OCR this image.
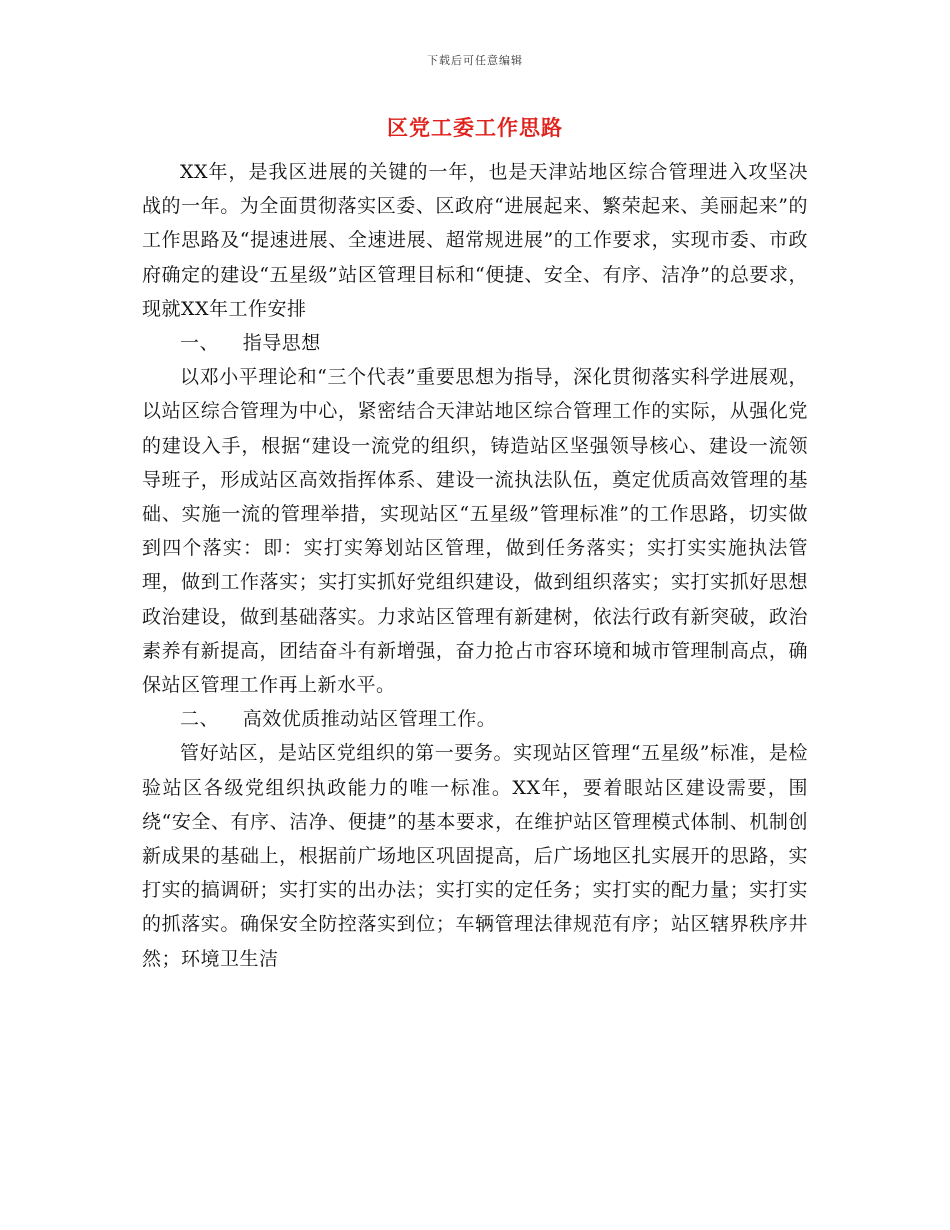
下载后可任意编辑
区党工委工作思路

XX年，是我区进展的关键的一年，也是天津站地区综合管理进入攻坚决战的一年。为全面贯彻落实区委、区政府“进展起来、繁荣起来、美丽起来”的工作思路及“提速进展、全速进展、超常规进展”的工作要求，实现市委、市政府确定的建设“五星级”站区管理目标和“便捷、安全、有序、洁净”的总要求，现就XX年工作安排

一、 指导思想

以邓小平理论和“三个代表”重要思想为指导，深化贯彻落实科学进展观，以站区综合管理为中心，紧密结合天津站地区综合管理工作的实际，从强化党的建设入手，根据“建设一流党的组织，铸造站区坚强领导核心、建设一流领导班子，形成站区高效指挥体系、建设一流执法队伍，奠定优质高效管理的基础、实施一流的管理举措，实现站区“五星级”管理标准”的工作思路，切实做到四个落实：即：实打实筹划站区管理，做到任务落实；实打实实施执法管理，做到工作落实；实打实抓好党组织建设，做到组织落实；实打实抓好思想政治建设，做到基础落实。力求站区管理有新建树，依法行政有新突破，政治素养有新提高，团结奋斗有新增强，奋力抢占市容环境和城市管理制高点，确保站区管理工作再上新水平。

二、 高效优质推动站区管理工作。

管好站区，是站区党组织的第一要务。实现站区管理“五星级”标准，是检验站区各级党组织执政能力的唯一标准。XX年，要着眼站区建设需要，围绕“安全、有序、洁净、便捷”的基本要求，在维护站区管理模式体制、机制创新成果的基础上，根据前广场地区巩固提高，后广场地区扎实展开的思路，实打实的搞调研；实打实的出办法；实打实的定任务；实打实的配力量；实打实的抓落实。确保安全防控落实到位；车辆管理法律规范有序；站区辖界秩序井然；环境卫生洁
